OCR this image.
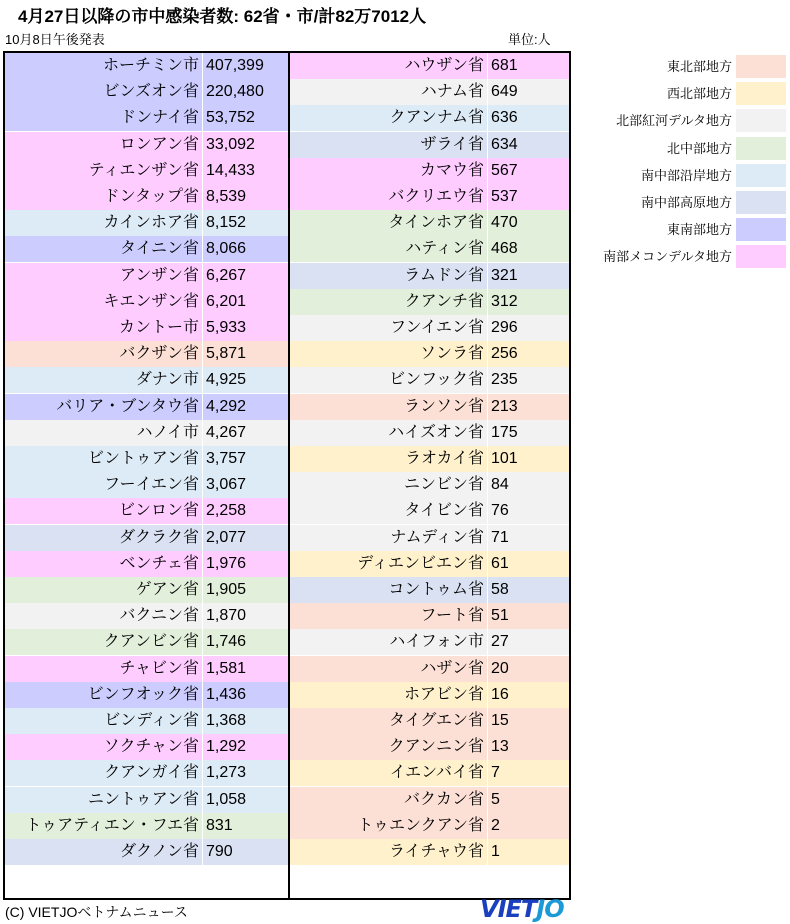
4月27日以降の市中感染者数: 62省・市/計82万7012人
10月8日午後発表	単位:人
ホーチミン市 407,399
ビンズオン省 220,480
ドンナイ省 53,752
ロンアン省 33,092
ティエンザン省 14,433
ドンタップ省 8,539
カインホア省 8,152
タイニン省 8,066
アンザン省 6,267
キエンザン省 6,201
カントー市 5,933
バクザン省 5,871
ダナン市 4,925
バリア・ブンタウ省 4,292
ハノイ市 4,267
ビントゥアン省 3,757
フーイエン省 3,067
ビンロン省 2,258
ダクラク省 2,077
ベンチェ省 1,976
ゲアン省 1,905
バクニン省 1,870
クアンビン省 1,746
チャビン省 1,581
ビンフオック省 1,436
ビンディン省 1,368
ソクチャン省 1,292
クアンガイ省 1,273
ニントゥアン省 1,058
トゥアティエン・フエ省 831
ダクノン省 790
ハウザン省 681
ハナム省 649
クアンナム省 636
ザライ省 634
カマウ省 567
バクリエウ省 537
タインホア省 470
ハティン省 468
ラムドン省 321
クアンチ省 312
フンイエン省 296
ソンラ省 256
ビンフック省 235
ランソン省 213
ハイズオン省 175
ラオカイ省 101
ニンビン省 84
タイビン省 76
ナムディン省 71
ディエンビエン省 61
コントゥム省 58
フート省 51
ハイフォン市 27
ハザン省 20
ホアビン省 16
タイグエン省 15
クアンニン省 13
イエンバイ省 7
バクカン省 5
トゥエンクアン省 2
ライチャウ省 1
東北部地方
西北部地方
北部紅河デルタ地方
北中部地方
南中部沿岸地方
南中部高原地方
東南部地方
南部メコンデルタ地方
(C) VIETJOベトナムニュース	VIETJO
